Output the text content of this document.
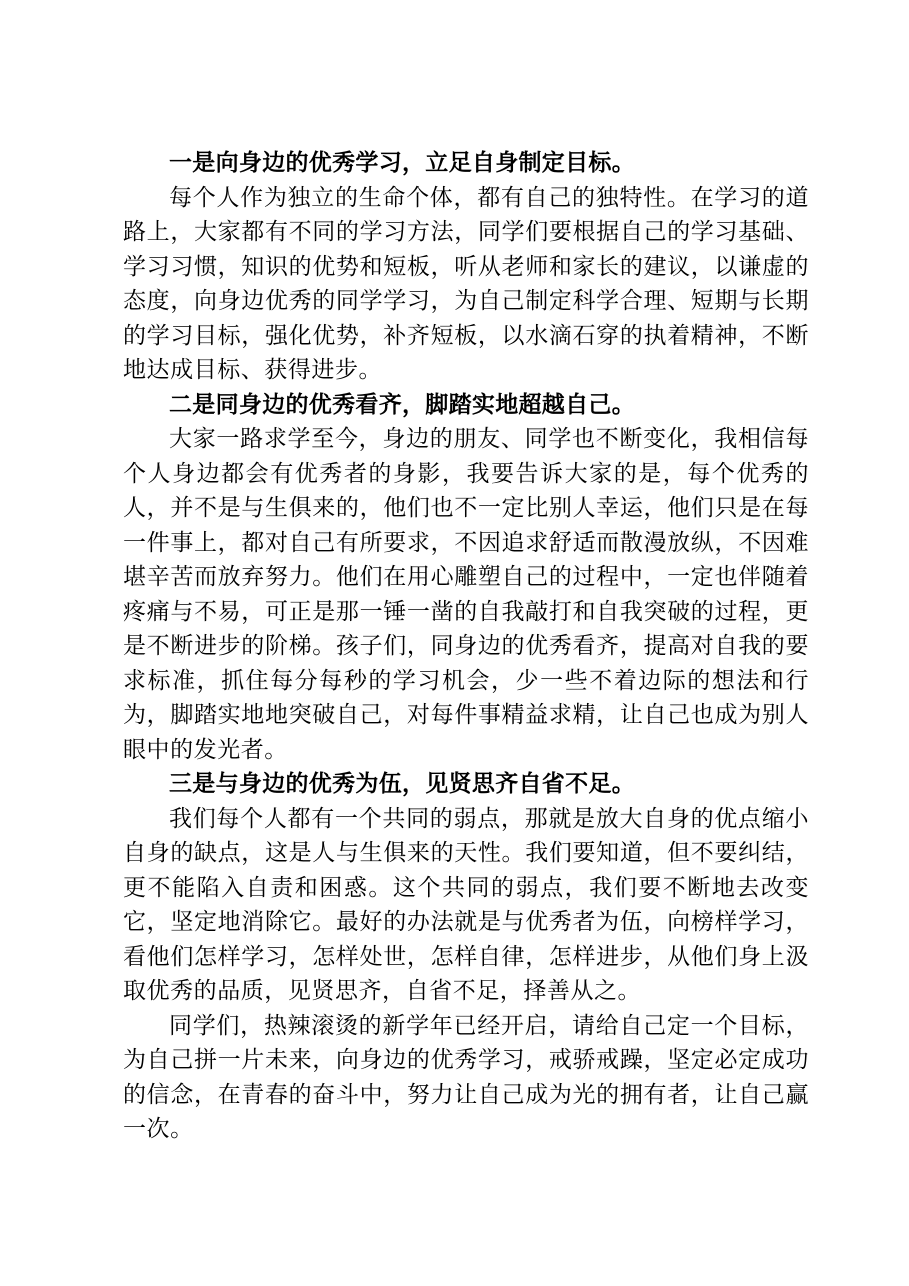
一是向身边的优秀学习，立足自身制定目标。

每个人作为独立的生命个体，都有自己的独特性。在学习的道路上，大家都有不同的学习方法，同学们要根据自己的学习基础、学习习惯，知识的优势和短板，听从老师和家长的建议，以谦虚的态度，向身边优秀的同学学习，为自己制定科学合理、短期与长期的学习目标，强化优势，补齐短板，以水滴石穿的执着精神，不断地达成目标、获得进步。

二是同身边的优秀看齐，脚踏实地超越自己。

大家一路求学至今，身边的朋友、同学也不断变化，我相信每个人身边都会有优秀者的身影，我要告诉大家的是，每个优秀的人，并不是与生俱来的，他们也不一定比别人幸运，他们只是在每一件事上，都对自己有所要求，不因追求舒适而散漫放纵，不因难堪辛苦而放弃努力。他们在用心雕塑自己的过程中，一定也伴随着疼痛与不易，可正是那一锤一凿的自我敲打和自我突破的过程，更是不断进步的阶梯。孩子们，同身边的优秀看齐，提高对自我的要求标准，抓住每分每秒的学习机会，少一些不着边际的想法和行为，脚踏实地地突破自己，对每件事精益求精，让自己也成为别人眼中的发光者。

三是与身边的优秀为伍，见贤思齐自省不足。

我们每个人都有一个共同的弱点，那就是放大自身的优点缩小自身的缺点，这是人与生俱来的天性。我们要知道，但不要纠结，更不能陷入自责和困惑。这个共同的弱点，我们要不断地去改变它，坚定地消除它。最好的办法就是与优秀者为伍，向榜样学习，看他们怎样学习，怎样处世，怎样自律，怎样进步，从他们身上汲取优秀的品质，见贤思齐，自省不足，择善从之。

同学们，热辣滚烫的新学年已经开启，请给自己定一个目标，为自己拼一片未来，向身边的优秀学习，戒骄戒躁，坚定必定成功的信念，在青春的奋斗中，努力让自己成为光的拥有者，让自己赢一次。
